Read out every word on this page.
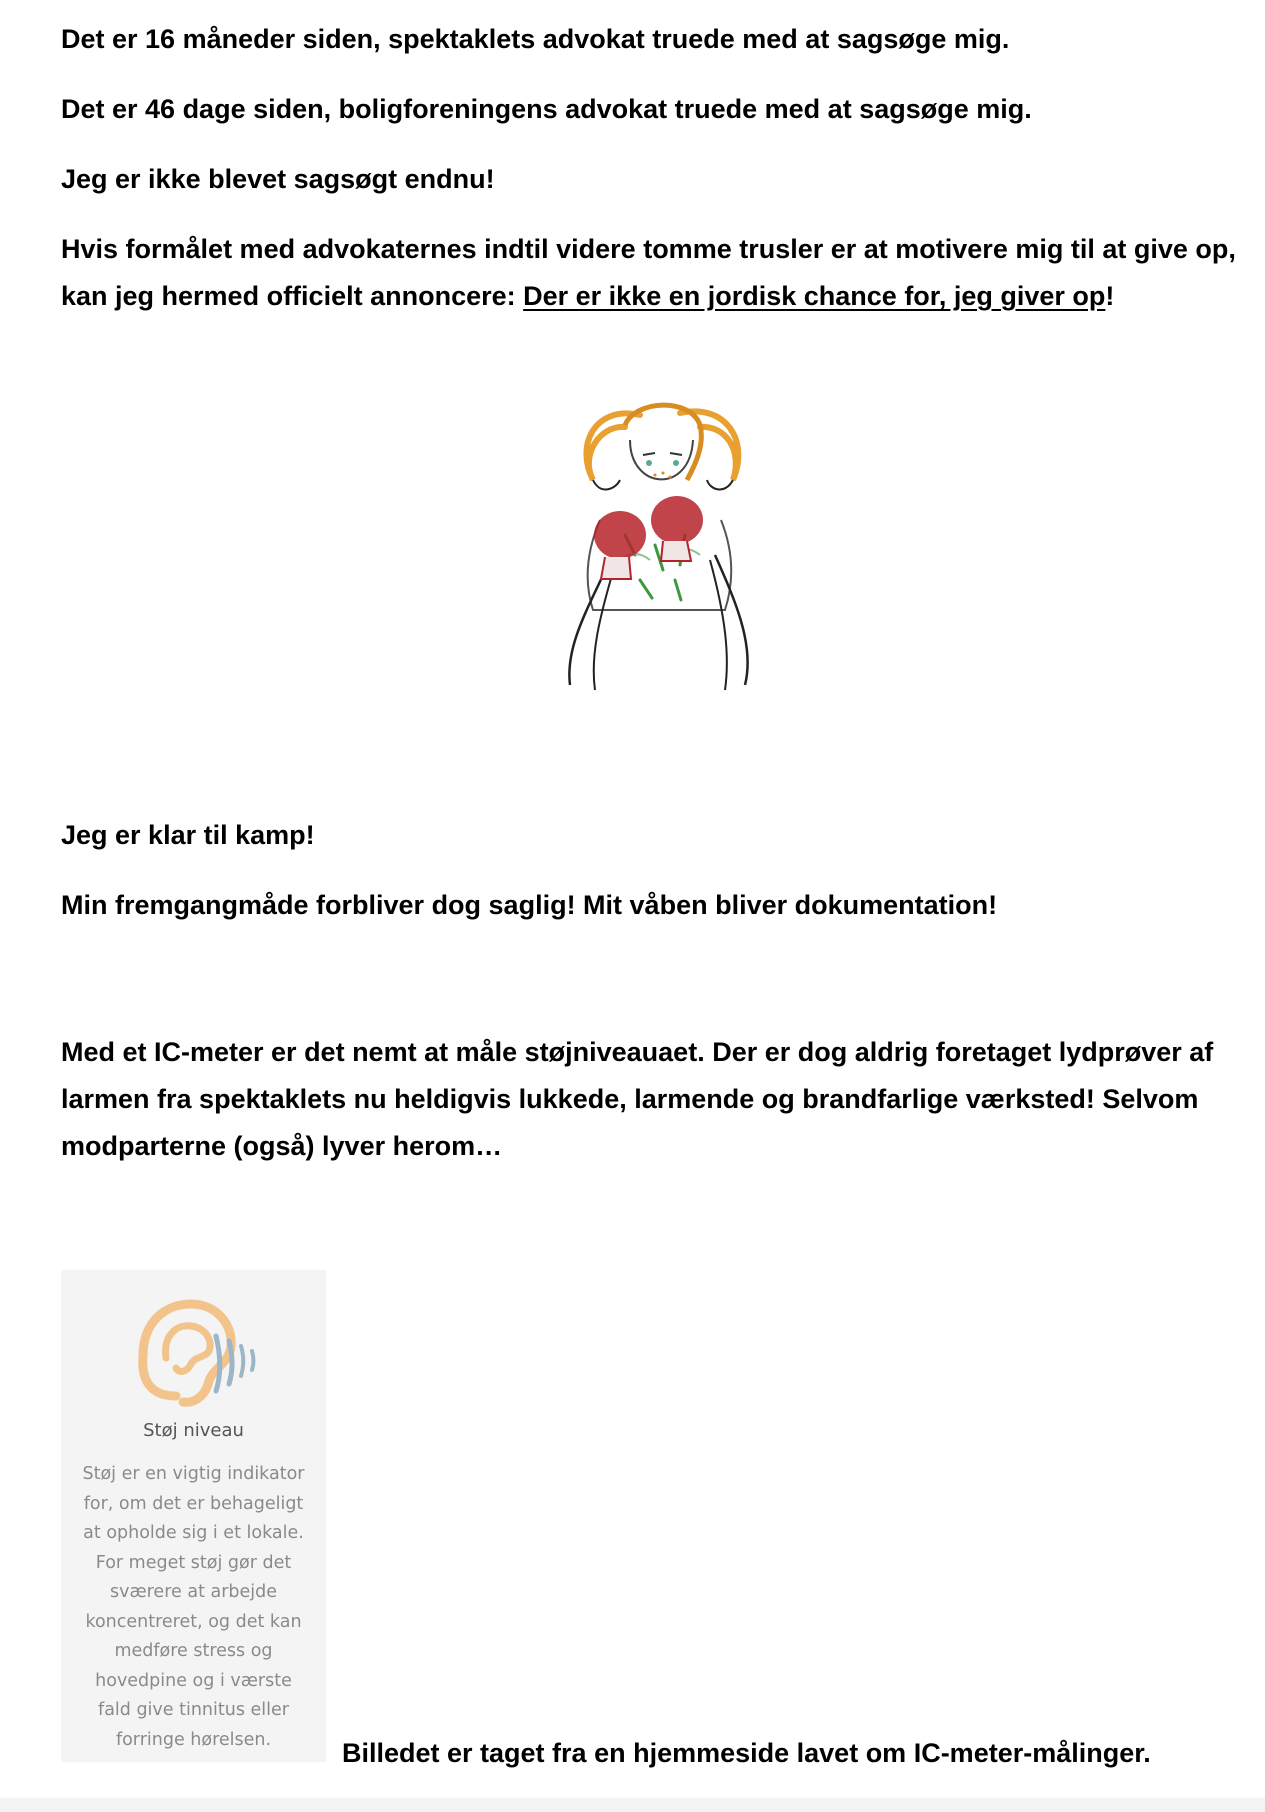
Det er 16 måneder siden, spektaklets advokat truede med at sagsøge mig.

Det er 46 dage siden, boligforeningens advokat truede med at sagsøge mig.

Jeg er ikke blevet sagsøgt endnu!

Hvis formålet med advokaternes indtil videre tomme trusler er at motivere mig til at give op,
kan jeg hermed officielt annoncere: Der er ikke en jordisk chance for, jeg giver op!

Jeg er klar til kamp!

Min fremgangmåde forbliver dog saglig! Mit våben bliver dokumentation!

Med et IC-meter er det nemt at måle støjniveauaet. Der er dog aldrig foretaget lydprøver af
larmen fra spektaklets nu heldigvis lukkede, larmende og brandfarlige værksted! Selvom
modparterne (også) lyver herom…

Støj niveau
Støj er en vigtig indikator for, om det er behageligt at opholde sig i et lokale. For meget støj gør det sværere at arbejde koncentreret, og det kan medføre stress og hovedpine og i værste fald give tinnitus eller forringe hørelsen.	Billedet er taget fra en hjemmeside lavet om IC-meter-målinger.
